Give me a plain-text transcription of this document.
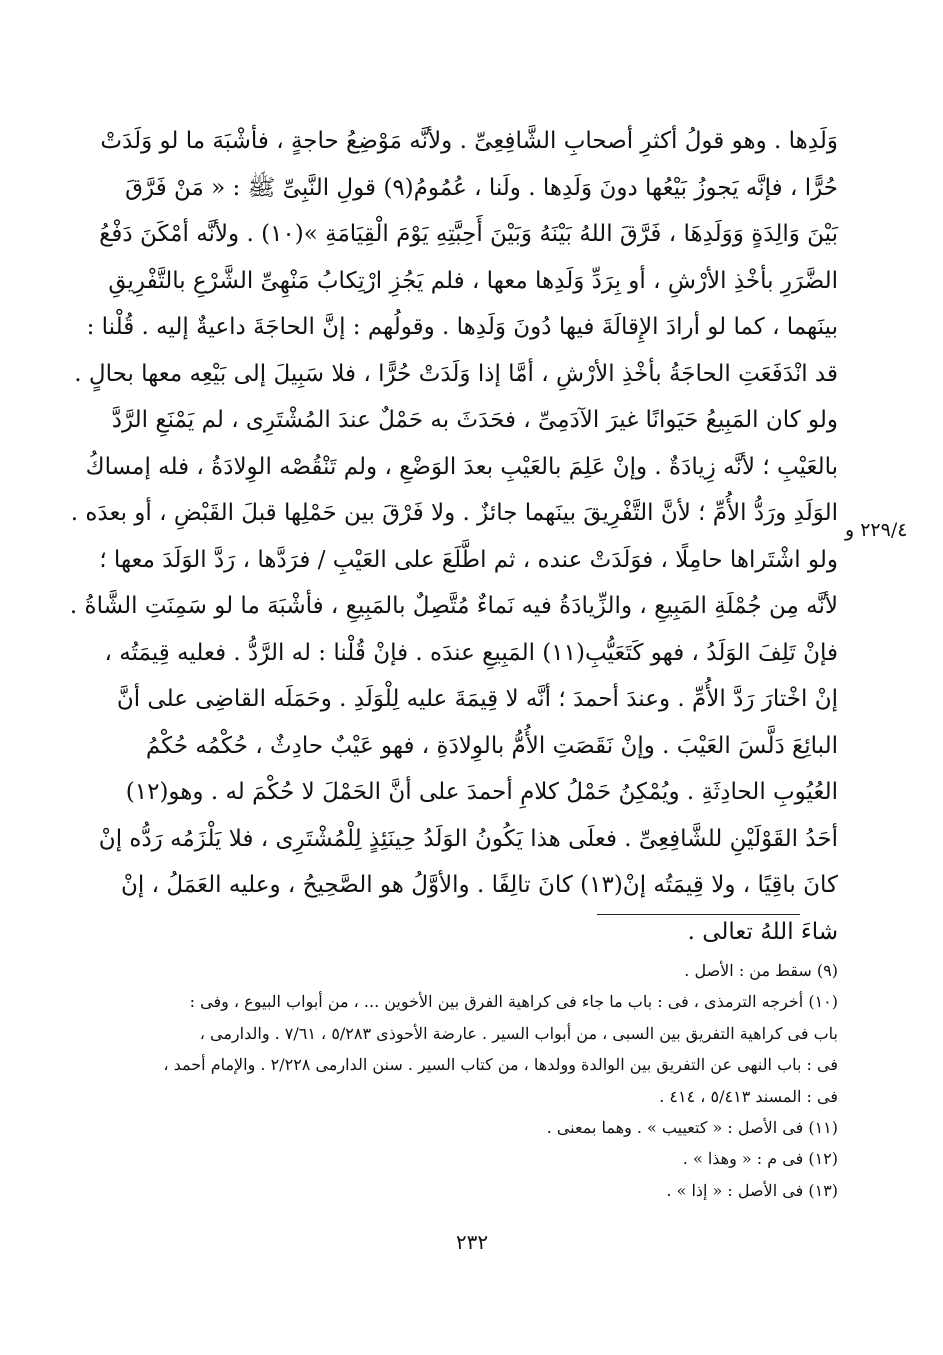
وَلَدِها . وهو قولُ أكثرِ أصحابِ الشَّافِعِىِّ . ولأنَّه مَوْضِعُ حاجةٍ ، فأشْبَهَ ما لو وَلَدَتْ
حُرًّا ، فإنَّه يَجوزُ بَيْعُها دونَ وَلَدِها . ولَنا ، عُمُومُ(٩) قولِ النَّبِىِّ ﷺ : « مَنْ فَرَّقَ
بَيْنَ وَالِدَةٍ وَوَلَدِهَا ، فَرَّقَ اللهُ بَيْنَهُ وَبَيْنَ أَحِبَّتِهِ يَوْمَ الْقِيَامَةِ »(١٠) . ولأنَّه أمْكَنَ دَفْعُ
الضَّرَرِ بأخْذِ الأرْشِ ، أو بِرَدِّ وَلَدِها معها ، فلم يَجُزِ ارْتِكابُ مَنْهِىِّ الشَّرْعِ بالتَّفْرِيقِ
بينَهما ، كما لو أرادَ الإِقالَةَ فيها دُونَ وَلَدِها . وقولُهم : إنَّ الحاجَةَ داعيةٌ إليه . قُلْنا :
قد انْدَفَعَتِ الحاجَةُ بأخْذِ الأرْشِ ، أمَّا إذا وَلَدَتْ حُرًّا ، فلا سَبِيلَ إلى بَيْعِه معها بحالٍ .
ولو كان المَبِيعُ حَيَوانًا غيرَ الآدَمِىِّ ، فحَدَثَ به حَمْلٌ عندَ المُشْتَرِى ، لم يَمْنَعِ الرَّدَّ
بالعَيْبِ ؛ لأنَّه زِيادَةٌ . وإنْ عَلِمَ بالعَيْبِ بعدَ الوَضْعِ ، ولم تَنْقُصْه الوِلادَةُ ، فله إمساكُ
الوَلَدِ ورَدُّ الأُمِّ ؛ لأنَّ التَّفْرِيقَ بينَهما جائزٌ . ولا فَرْقَ بين حَمْلِها قبلَ القَبْضِ ، أو بعدَه .
ولو اشْتَراها حامِلًا ، فوَلَدَتْ عنده ، ثم اطَّلَعَ على العَيْبِ / فرَدَّها ، رَدَّ الوَلَدَ معها ؛
لأنَّه مِن جُمْلَةِ المَبِيعِ ، والزِّيادَةُ فيه نَماءٌ مُتَّصِلٌ بالمَبِيعِ ، فأشْبَهَ ما لو سَمِنَتِ الشَّاةُ .
فإنْ تَلِفَ الوَلَدُ ، فهو كَتَعَيُّبِ(١١) المَبِيعِ عندَه . فإنْ قُلْنا : له الرَّدُّ . فعليه قِيمَتُه ،
إنْ اخْتارَ رَدَّ الأُمِّ . وعندَ أحمدَ ؛ أنَّه لا قِيمَةَ عليه لِلْوَلَدِ . وحَمَلَه القاضِى على أنَّ
البائِعَ دَلَّسَ العَيْبَ . وإنْ نَقَصَتِ الأُمُّ بالوِلادَةِ ، فهو عَيْبٌ حادِثٌ ، حُكْمُه حُكْمُ
العُيُوبِ الحادِثَةِ . ويُمْكِنُ حَمْلُ كلامِ أحمدَ على أنَّ الحَمْلَ لا حُكْمَ له . وهو(١٢)
أحَدُ القَوْلَيْنِ للشَّافِعِىِّ . فعلَى هذا يَكُونُ الوَلَدُ حِينَئِذٍ لِلْمُشْتَرِى ، فلا يَلْزَمُه رَدُّه إنْ
كانَ باقِيًا ، ولا قِيمَتُه إنْ(١٣) كانَ تالِفًا . والأوَّلُ هو الصَّحِيحُ ، وعليه العَمَلُ ، إنْ
شاءَ اللهُ تعالى .
٢٢٩/٤ و
(٩) سقط من : الأصل .
(١٠) أخرجه الترمذى ، فى : باب ما جاء فى كراهية الفرق بين الأخوين ... ، من أبواب البيوع ، وفى :
باب فى كراهية التفريق بين السبى ، من أبواب السير . عارضة الأحوذى ٥/٢٨٣ ، ٧/٦١ . والدارمى ،
فى : باب النهى عن التفريق بين الوالدة وولدها ، من كتاب السير . سنن الدارمى ٢/٢٢٨ . والإمام أحمد ،
فى : المسند ٥/٤١٣ ، ٤١٤ .
(١١) فى الأصل : « كتعييب » . وهما بمعنى .
(١٢) فى م : « وهذا » .
(١٣) فى الأصل : « إذا » .
٢٣٢
